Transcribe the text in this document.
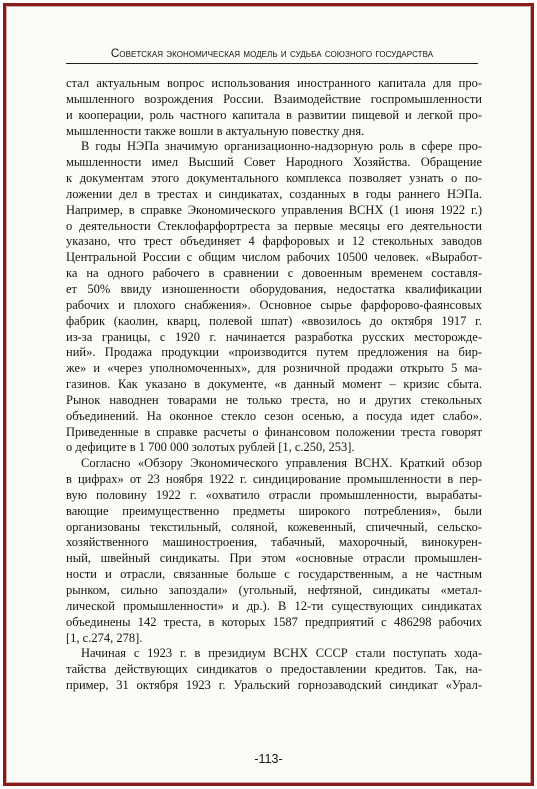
Советская экономическая модель и судьба союзного государства
стал актуальным вопрос использования иностранного капитала для про-
мышленного возрождения России. Взаимодействие госпромышленности
и кооперации, роль частного капитала в развитии пищевой и легкой про-
мышленности также вошли в актуальную повестку дня.
В годы НЭПа значимую организационно-надзорную роль в сфере про-
мышленности имел Высший Совет Народного Хозяйства. Обращение
к документам этого документального комплекса позволяет узнать о по-
ложении дел в трестах и синдикатах, созданных в годы раннего НЭПа.
Например, в справке Экономического управления ВСНХ (1 июня 1922 г.)
о деятельности Стеклофарфортреста за первые месяцы его деятельности
указано, что трест объединяет 4 фарфоровых и 12 стекольных заводов
Центральной России с общим числом рабочих 10500 человек. «Выработ-
ка на одного рабочего в сравнении с довоенным временем составля-
ет 50% ввиду изношенности оборудования, недостатка квалификации
рабочих и плохого снабжения». Основное сырье фарфорово-фаянсовых
фабрик (каолин, кварц, полевой шпат) «ввозилось до октября 1917 г.
из-за границы, с 1920 г. начинается разработка русских месторожде-
ний». Продажа продукции «производится путем предложения на бир-
же» и «через уполномоченных», для розничной продажи открыто 5 ма-
газинов. Как указано в документе, «в данный момент – кризис сбыта.
Рынок наводнен товарами не только треста, но и других стекольных
объединений. На оконное стекло сезон осенью, а посуда идет слабо».
Приведенные в справке расчеты о финансовом положении треста говорят
о дефиците в 1 700 000 золотых рублей [1, с.250, 253].
Согласно «Обзору Экономического управления ВСНХ. Краткий обзор
в цифрах» от 23 ноября 1922 г. синдицирование промышленности в пер-
вую половину 1922 г. «охватило отрасли промышленности, вырабаты-
вающие преимущественно предметы широкого потребления», были
организованы текстильный, соляной, кожевенный, спичечный, сельско-
хозяйственного машиностроения, табачный, махорочный, винокурен-
ный, швейный синдикаты. При этом «основные отрасли промышлен-
ности и отрасли, связанные больше с государственным, а не частным
рынком, сильно запоздали» (угольный, нефтяной, синдикаты «метал-
лической промышленности» и др.). В 12-ти существующих синдикатах
объединены 142 треста, в которых 1587 предприятий с 486298 рабочих
[1, с.274, 278].
Начиная с 1923 г. в президиум ВСНХ СССР стали поступать хода-
тайства действующих синдикатов о предоставлении кредитов. Так, на-
пример, 31 октября 1923 г. Уральский горнозаводский синдикат «Урал-
-113-
